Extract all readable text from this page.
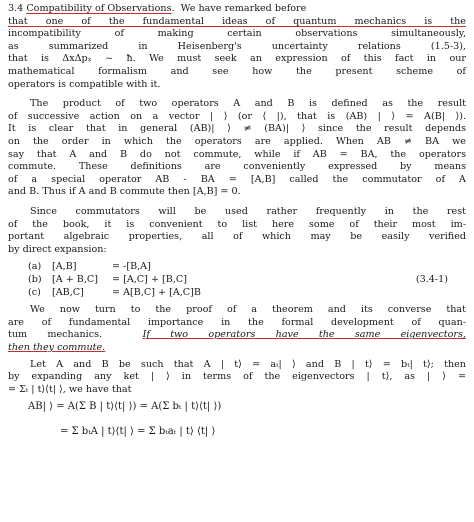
3.4 Compatibility of Observations.  We have remarked before
that one of the fundamental ideas of quantum mechanics is the
incompatibility of making certain observations simultaneously,
as summarized in Heisenberg's uncertainty relations (1.5-3),
that is ΔxΔpₓ ~ ħ. We must seek an expression of this fact in our
mathematical formalism and see how the present scheme of
operators is compatible with it.

The product of two operators A and B is defined as the result
of successive action on a vector | ⟩ (or ⟨ |), that is (AB) | ⟩ = A(B| ⟩).
It is clear that in general (AB)| ⟩ ≠ (BA)| ⟩ since the result depends
on the order in which the operators are applied. When AB ≠ BA we
say that A and B do not commute, while if AB = BA, the operators
commute. These definitions are conveniently expressed by means
of a special operator AB - BA = [A,B] called the commutator of A
and B. Thus if A and B commute then [A,B] = 0.

Since commutators will be used rather frequently in the rest
of the book, it is convenient to list here some of their most im-
portant algebraic properties, all of which may be easily verified
by direct expansion:

(a) [A,B]	= -[B,A]
(b) [A + B,C] = [A,C] + [B,C]
(c) [AB,C]	= A[B,C] + [A,C]B
(3.4-1)

We now turn to the proof of a theorem and its converse that
are of fundamental importance in the formal development of quan-
tum mechanics.	If two operators have the same eigenvectors,
then they commute.

Let A and B be such that A | t⟩ = aₜ| ⟩ and B | t⟩ = bₜ| t⟩; then
by expanding any ket | ⟩ in terms of the eigenvectors | t⟩, as | ⟩ =
= Σₜ | t⟩⟨t| ⟩, we have that

AB| ⟩ = A(Σ B | t⟩⟨t| ⟩) = A(Σ bₜ | t⟩⟨t| ⟩)
= Σ bₜA | t⟩⟨t| ⟩ = Σ bₜaₜ | t⟩ ⟨t| ⟩
